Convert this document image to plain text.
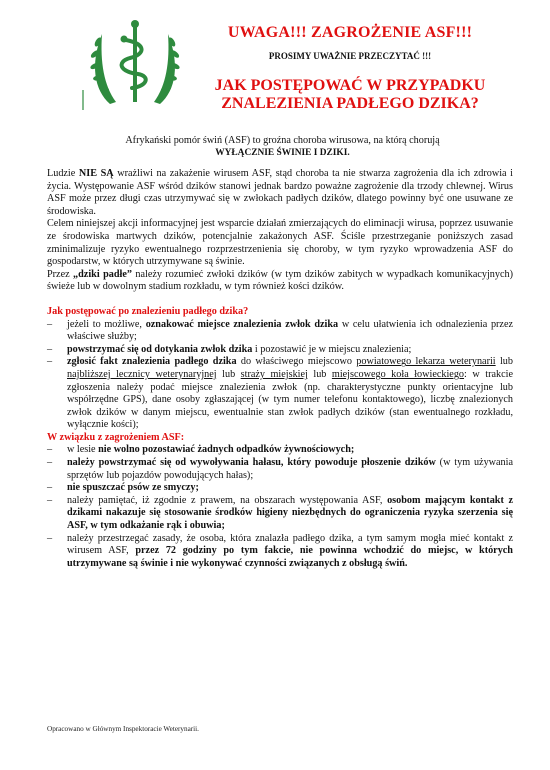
UWAGA!!! ZAGROŻENIE ASF!!!
PROSIMY UWAŻNIE PRZECZYTAĆ !!!
JAK POSTĘPOWAĆ W PRZYPADKU
ZNALEZIENIA PADŁEGO DZIKA?
Afrykański pomór świń (ASF) to groźna choroba wirusowa, na którą chorują
WYŁĄCZNIE ŚWINIE I DZIKI.

Ludzie NIE SĄ wrażliwi na zakażenie wirusem ASF, stąd choroba ta nie stwarza zagrożenia dla ich zdrowia i życia. Występowanie ASF wśród dzików stanowi jednak bardzo poważne zagrożenie dla trzody chlewnej. Wirus ASF może przez długi czas utrzymywać się w zwłokach padłych dzików, dlatego powinny być one usuwane ze środowiska.

Celem niniejszej akcji informacyjnej jest wsparcie działań zmierzających do eliminacji wirusa, poprzez usuwanie ze środowiska martwych dzików, potencjalnie zakażonych ASF. Ściśle przestrzeganie poniższych zasad zminimalizuje ryzyko ewentualnego rozprzestrzenienia się choroby, w tym ryzyko wprowadzenia ASF do gospodarstw, w których utrzymywane są świnie.

Przez „dziki padłe” należy rozumieć zwłoki dzików (w tym dzików zabitych w wypadkach komunikacyjnych) świeże lub w dowolnym stadium rozkładu, w tym również kości dzików.

Jak postępować po znalezieniu padłego dzika?

– jeżeli to możliwe, oznakować miejsce znalezienia zwłok dzika w celu ułatwienia ich odnalezienia przez właściwe służby;
– powstrzymać się od dotykania zwłok dzika i pozostawić je w miejscu znalezienia;
– zgłosić fakt znalezienia padłego dzika do właściwego miejscowo powiatowego lekarza weterynarii lub najbliższej lecznicy weterynaryjnej lub straży miejskiej lub miejscowego koła łowieckiego: w trakcie zgłoszenia należy podać miejsce znalezienia zwłok (np. charakterystyczne punkty orientacyjne lub współrzędne GPS), dane osoby zgłaszającej (w tym numer telefonu kontaktowego), liczbę znalezionych zwłok dzików w danym miejscu, ewentualnie stan zwłok padłych dzików (stan ewentualnego rozkładu, wyłącznie kości);

W związku z zagrożeniem ASF:

– w lesie nie wolno pozostawiać żadnych odpadków żywnościowych;
– należy powstrzymać się od wywoływania hałasu, który powoduje płoszenie dzików (w tym używania sprzętów lub pojazdów powodujących hałas);
– nie spuszczać psów ze smyczy;
– należy pamiętać, iż zgodnie z prawem, na obszarach występowania ASF, osobom mającym kontakt z dzikami nakazuje się stosowanie środków higieny niezbędnych do ograniczenia ryzyka szerzenia się ASF, w tym odkażanie rąk i obuwia;
– należy przestrzegać zasady, że osoba, która znalazła padłego dzika, a tym samym mogła mieć kontakt z wirusem ASF, przez 72 godziny po tym fakcie, nie powinna wchodzić do miejsc, w których utrzymywane są świnie i nie wykonywać czynności związanych z obsługą świń.
Opracowano w Głównym Inspektoracie Weterynarii.
